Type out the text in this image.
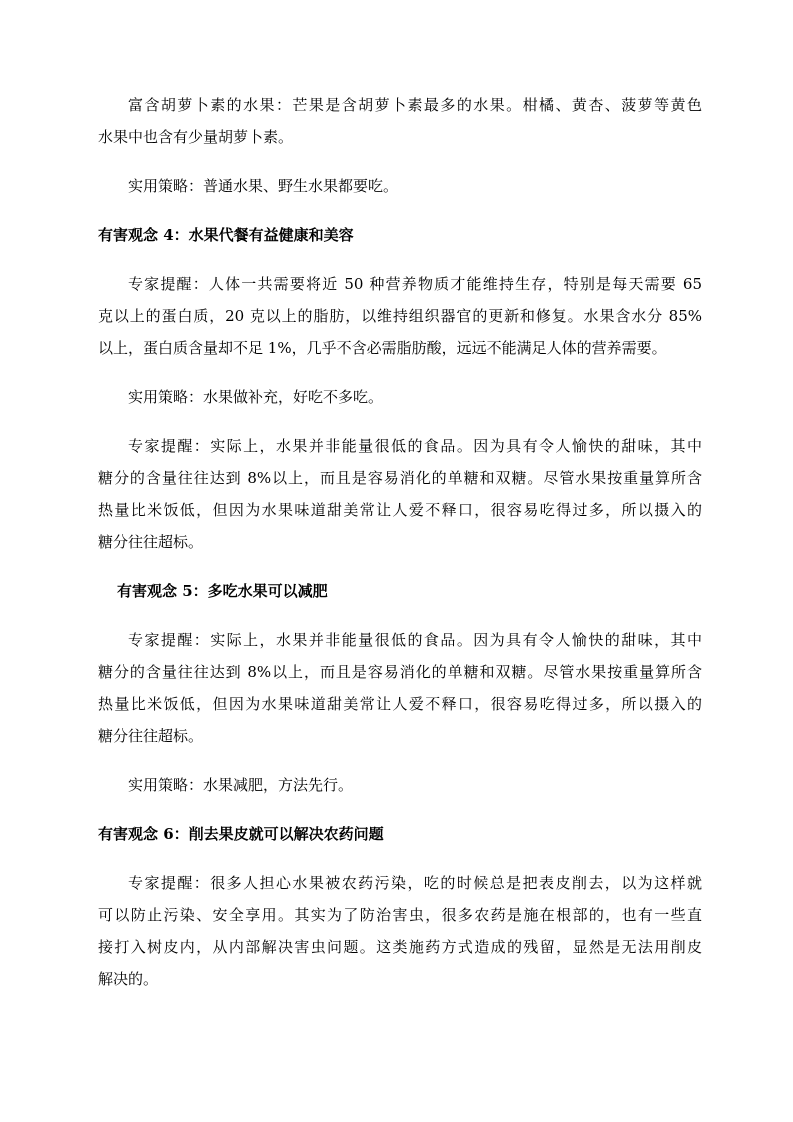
富含胡萝卜素的水果：芒果是含胡萝卜素最多的水果。柑橘、黄杏、菠萝等黄色
水果中也含有少量胡萝卜素。
实用策略：普通水果、野生水果都要吃。
有害观念 4：水果代餐有益健康和美容
专家提醒：人体一共需要将近 50 种营养物质才能维持生存，特别是每天需要 65
克以上的蛋白质，20 克以上的脂肪，以维持组织器官的更新和修复。水果含水分 85%
以上，蛋白质含量却不足 1%，几乎不含必需脂肪酸，远远不能满足人体的营养需要。
实用策略：水果做补充，好吃不多吃。
专家提醒：实际上，水果并非能量很低的食品。因为具有令人愉快的甜味，其中
糖分的含量往往达到 8%以上，而且是容易消化的单糖和双糖。尽管水果按重量算所含
热量比米饭低，但因为水果味道甜美常让人爱不释口，很容易吃得过多，所以摄入的
糖分往往超标。
有害观念 5：多吃水果可以减肥
专家提醒：实际上，水果并非能量很低的食品。因为具有令人愉快的甜味，其中
糖分的含量往往达到 8%以上，而且是容易消化的单糖和双糖。尽管水果按重量算所含
热量比米饭低，但因为水果味道甜美常让人爱不释口，很容易吃得过多，所以摄入的
糖分往往超标。
实用策略：水果减肥，方法先行。
有害观念 6：削去果皮就可以解决农药问题
专家提醒：很多人担心水果被农药污染，吃的时候总是把表皮削去，以为这样就
可以防止污染、安全享用。其实为了防治害虫，很多农药是施在根部的，也有一些直
接打入树皮内，从内部解决害虫问题。这类施药方式造成的残留，显然是无法用削皮
解决的。
